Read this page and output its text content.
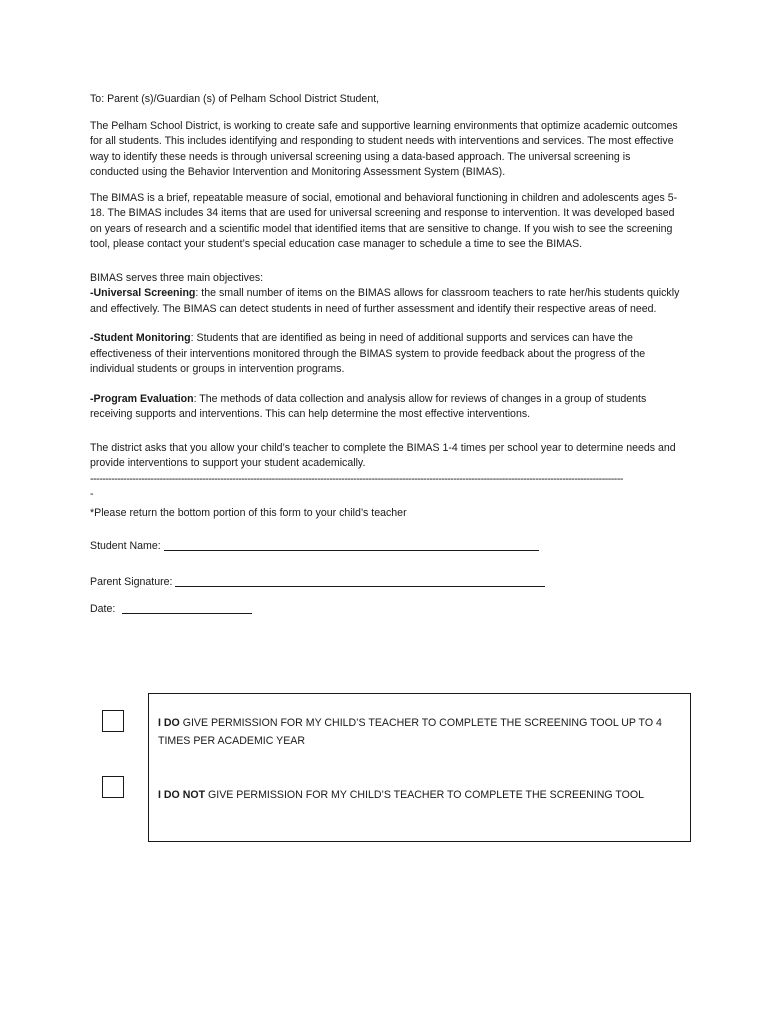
To: Parent (s)/Guardian (s) of Pelham School District Student,

The Pelham School District, is working to create safe and supportive learning environments that optimize academic outcomes for all students. This includes identifying and responding to student needs with interventions and services. The most effective way to identify these needs is through universal screening using a data-based approach. The universal screening is conducted using the Behavior Intervention and Monitoring Assessment System (BIMAS).

The BIMAS is a brief, repeatable measure of social, emotional and behavioral functioning in children and adolescents ages 5-18. The BIMAS includes 34 items that are used for universal screening and response to intervention. It was developed based on years of research and a scientific model that identified items that are sensitive to change. If you wish to see the screening tool, please contact your student’s special education case manager to schedule a time to see the BIMAS.

BIMAS serves three main objectives:
-Universal Screening: the small number of items on the BIMAS allows for classroom teachers to rate her/his students quickly and effectively. The BIMAS can detect students in need of further assessment and identify their respective areas of need.

-Student Monitoring: Students that are identified as being in need of additional supports and services can have the effectiveness of their interventions monitored through the BIMAS system to provide feedback about the progress of the individual students or groups in intervention programs.

-Program Evaluation: The methods of data collection and analysis allow for reviews of changes in a group of students receiving supports and interventions. This can help determine the most effective interventions.

The district asks that you allow your child’s teacher to complete the BIMAS 1-4 times per school year to determine needs and provide interventions to support your student academically.

--------------------------------------------------------------------------------------------------------------------------------------------------------------------------------

-

*Please return the bottom portion of this form to your child’s teacher

Student Name:

Parent Signature:

Date:

I DO GIVE PERMISSION FOR MY CHILD’S TEACHER TO COMPLETE THE SCREENING TOOL UP TO 4 TIMES PER ACADEMIC YEAR

I DO NOT GIVE PERMISSION FOR MY CHILD’S TEACHER TO COMPLETE THE SCREENING TOOL
